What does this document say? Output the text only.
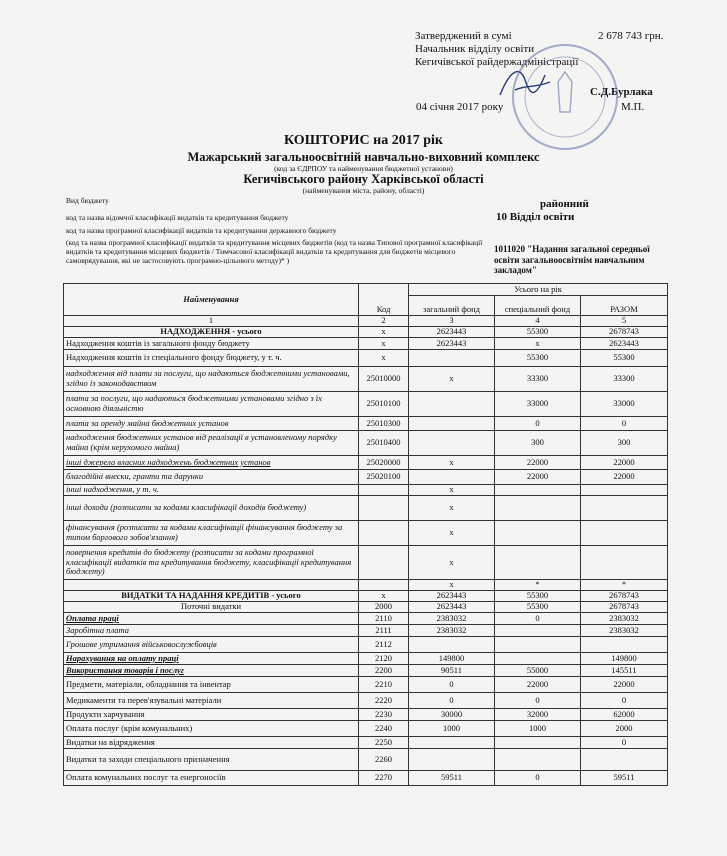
Затверджений в сумі	2 678 743 грн.
Начальник відділу освіти
Кегичівської райдержадміністрації
С.Д.Бурлака
04 січня 2017 року	М.П.
КОШТОРИС на 2017 рік
Мажарський загальноосвітній навчально-виховний комплекс
(код за ЄДРПОУ та найменування бюджетної установи)
Кегичівського району Харківської області
(найменування міста, району, області)
Вид бюджету	районний
код та назва відомчої класифікації видатків та кредитування бюджету	10 Відділ освіти
код та назва програмної класифікації видатків та кредитування державного бюджету
(код та назва програмної класифікації видатків та кредитування місцевих бюджетів (код та назва Типової програмної класифікації видатків та кредитування місцевих бюджетів / Тимчасової класифікації видатків та кредитування для бюджетів місцевого самоврядування, які не застосовують програмно-цільового методу)* )
1011020 "Надання загальної середньої освіти загальноосвітнім навчальним закладом"
Найменування	Код	Усього на рік		
		загальний фонд	спеціальний фонд	РАЗОМ
1	2	3	4	5
НАДХОДЖЕННЯ - усього	х	2623443	55300	2678743
Надходження коштів із загального фонду бюджету	х	2623443	х	2623443
Надходження коштів із спеціального фонду бюджету, у т. ч.	х		55300	55300
надходження від плати за послуги, що надаються бюджетними установами, згідно із законодавством	25010000	х	33300	33300
плата за послуги, що надаються бюджетними установами згідно з їх основною діяльністю	25010100		33000	33000
плата за оренду майна бюджетних установ	25010300		0	0
надходження бюджетних установ від реалізації в установленому порядку майна (крім нерухомого майна)	25010400		300	300
інші джерела власних надходжень бюджетних установ	25020000	х	22000	22000
благодійні внески, гранти та дарунки	25020100		22000	22000
інші надходження, у т. ч.		х		
інші доходи (розписати за кодами класифікації доходів бюджету)		х		
фінансування (розписати за кодами класифікації фінансування бюджету за типом боргового зобов'язання)		х		
повернення кредитів до бюджету (розписати за кодами програмної класифікації видатків та кредитування бюджету, класифікації кредитування бюджету)		х		
		х	*	*
ВИДАТКИ ТА НАДАННЯ КРЕДИТІВ - усього	х	2623443	55300	2678743
Поточні видатки	2000	2623443	55300	2678743
Оплата праці	2110	2383032	0	2383032
Заробітна плата	2111	2383032		2383032
Грошове утримання військовослужбовців	2112			
Нарахування на оплату праці	2120	149800		149800
Використання товарів і послуг	2200	90511	55000	145511
Предмети, матеріали, обладнання та інвентар	2210	0	22000	22000
Медикаменти та перев'язувальні матеріали	2220	0	0	0
Продукти харчування	2230	30000	32000	62000
Оплата послуг (крім комунальних)	2240	1000	1000	2000
Видатки на відрядження	2250			0
Видатки та заходи спеціального призначення	2260			
Оплата комунальних послуг та енергоносіїв	2270	59511	0	59511
